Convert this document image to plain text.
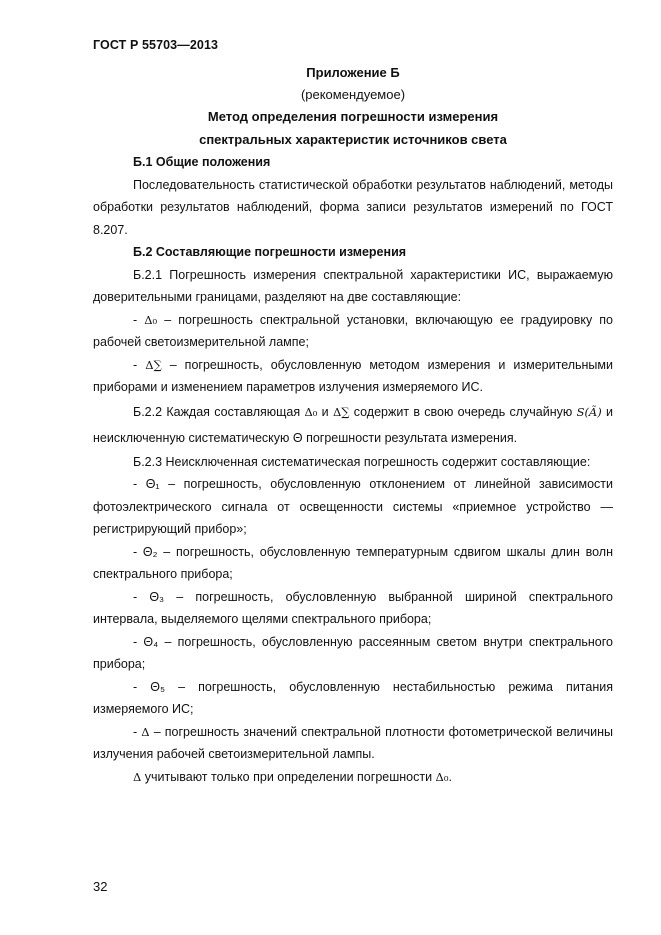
ГОСТ Р 55703—2013
Приложение Б
(рекомендуемое)
Метод определения погрешности измерения
спектральных характеристик источников света

Б.1 Общие положения

Последовательность статистической обработки результатов наблюдений, методы обработки результатов наблюдений, форма записи результатов измерений по ГОСТ 8.207.

Б.2 Составляющие погрешности измерения

Б.2.1 Погрешность измерения спектральной характеристики ИС, выражаемую доверительными границами, разделяют на две составляющие:

- Δ₀ – погрешность спектральной установки, включающую ее градуировку по рабочей светоизмерительной лампе;

- Δ∑ – погрешность, обусловленную методом измерения и измерительными приборами и изменением параметров излучения измеряемого ИС.

Б.2.2 Каждая составляющая Δ₀ и Δ∑ содержит в свою очередь случайную S(Ã) и неисключенную систематическую Θ погрешности результата измерения.

Б.2.3 Неисключенная систематическая погрешность содержит составляющие:

- Θ₁ – погрешность, обусловленную отклонением от линейной зависимости фотоэлектрического сигнала от освещенности системы «приемное устройство — регистрирующий прибор»;

- Θ₂ – погрешность, обусловленную температурным сдвигом шкалы длин волн спектрального прибора;

- Θ₃ – погрешность, обусловленную выбранной шириной спектрального интервала, выделяемого щелями спектрального прибора;

- Θ₄ – погрешность, обусловленную рассеянным светом внутри спектрального прибора;

- Θ₅ – погрешность, обусловленную нестабильностью режима питания измеряемого ИС;

- Δ – погрешность значений спектральной плотности фотометрической величины излучения рабочей светоизмерительной лампы.

Δ учитывают только при определении погрешности Δ₀.

32
